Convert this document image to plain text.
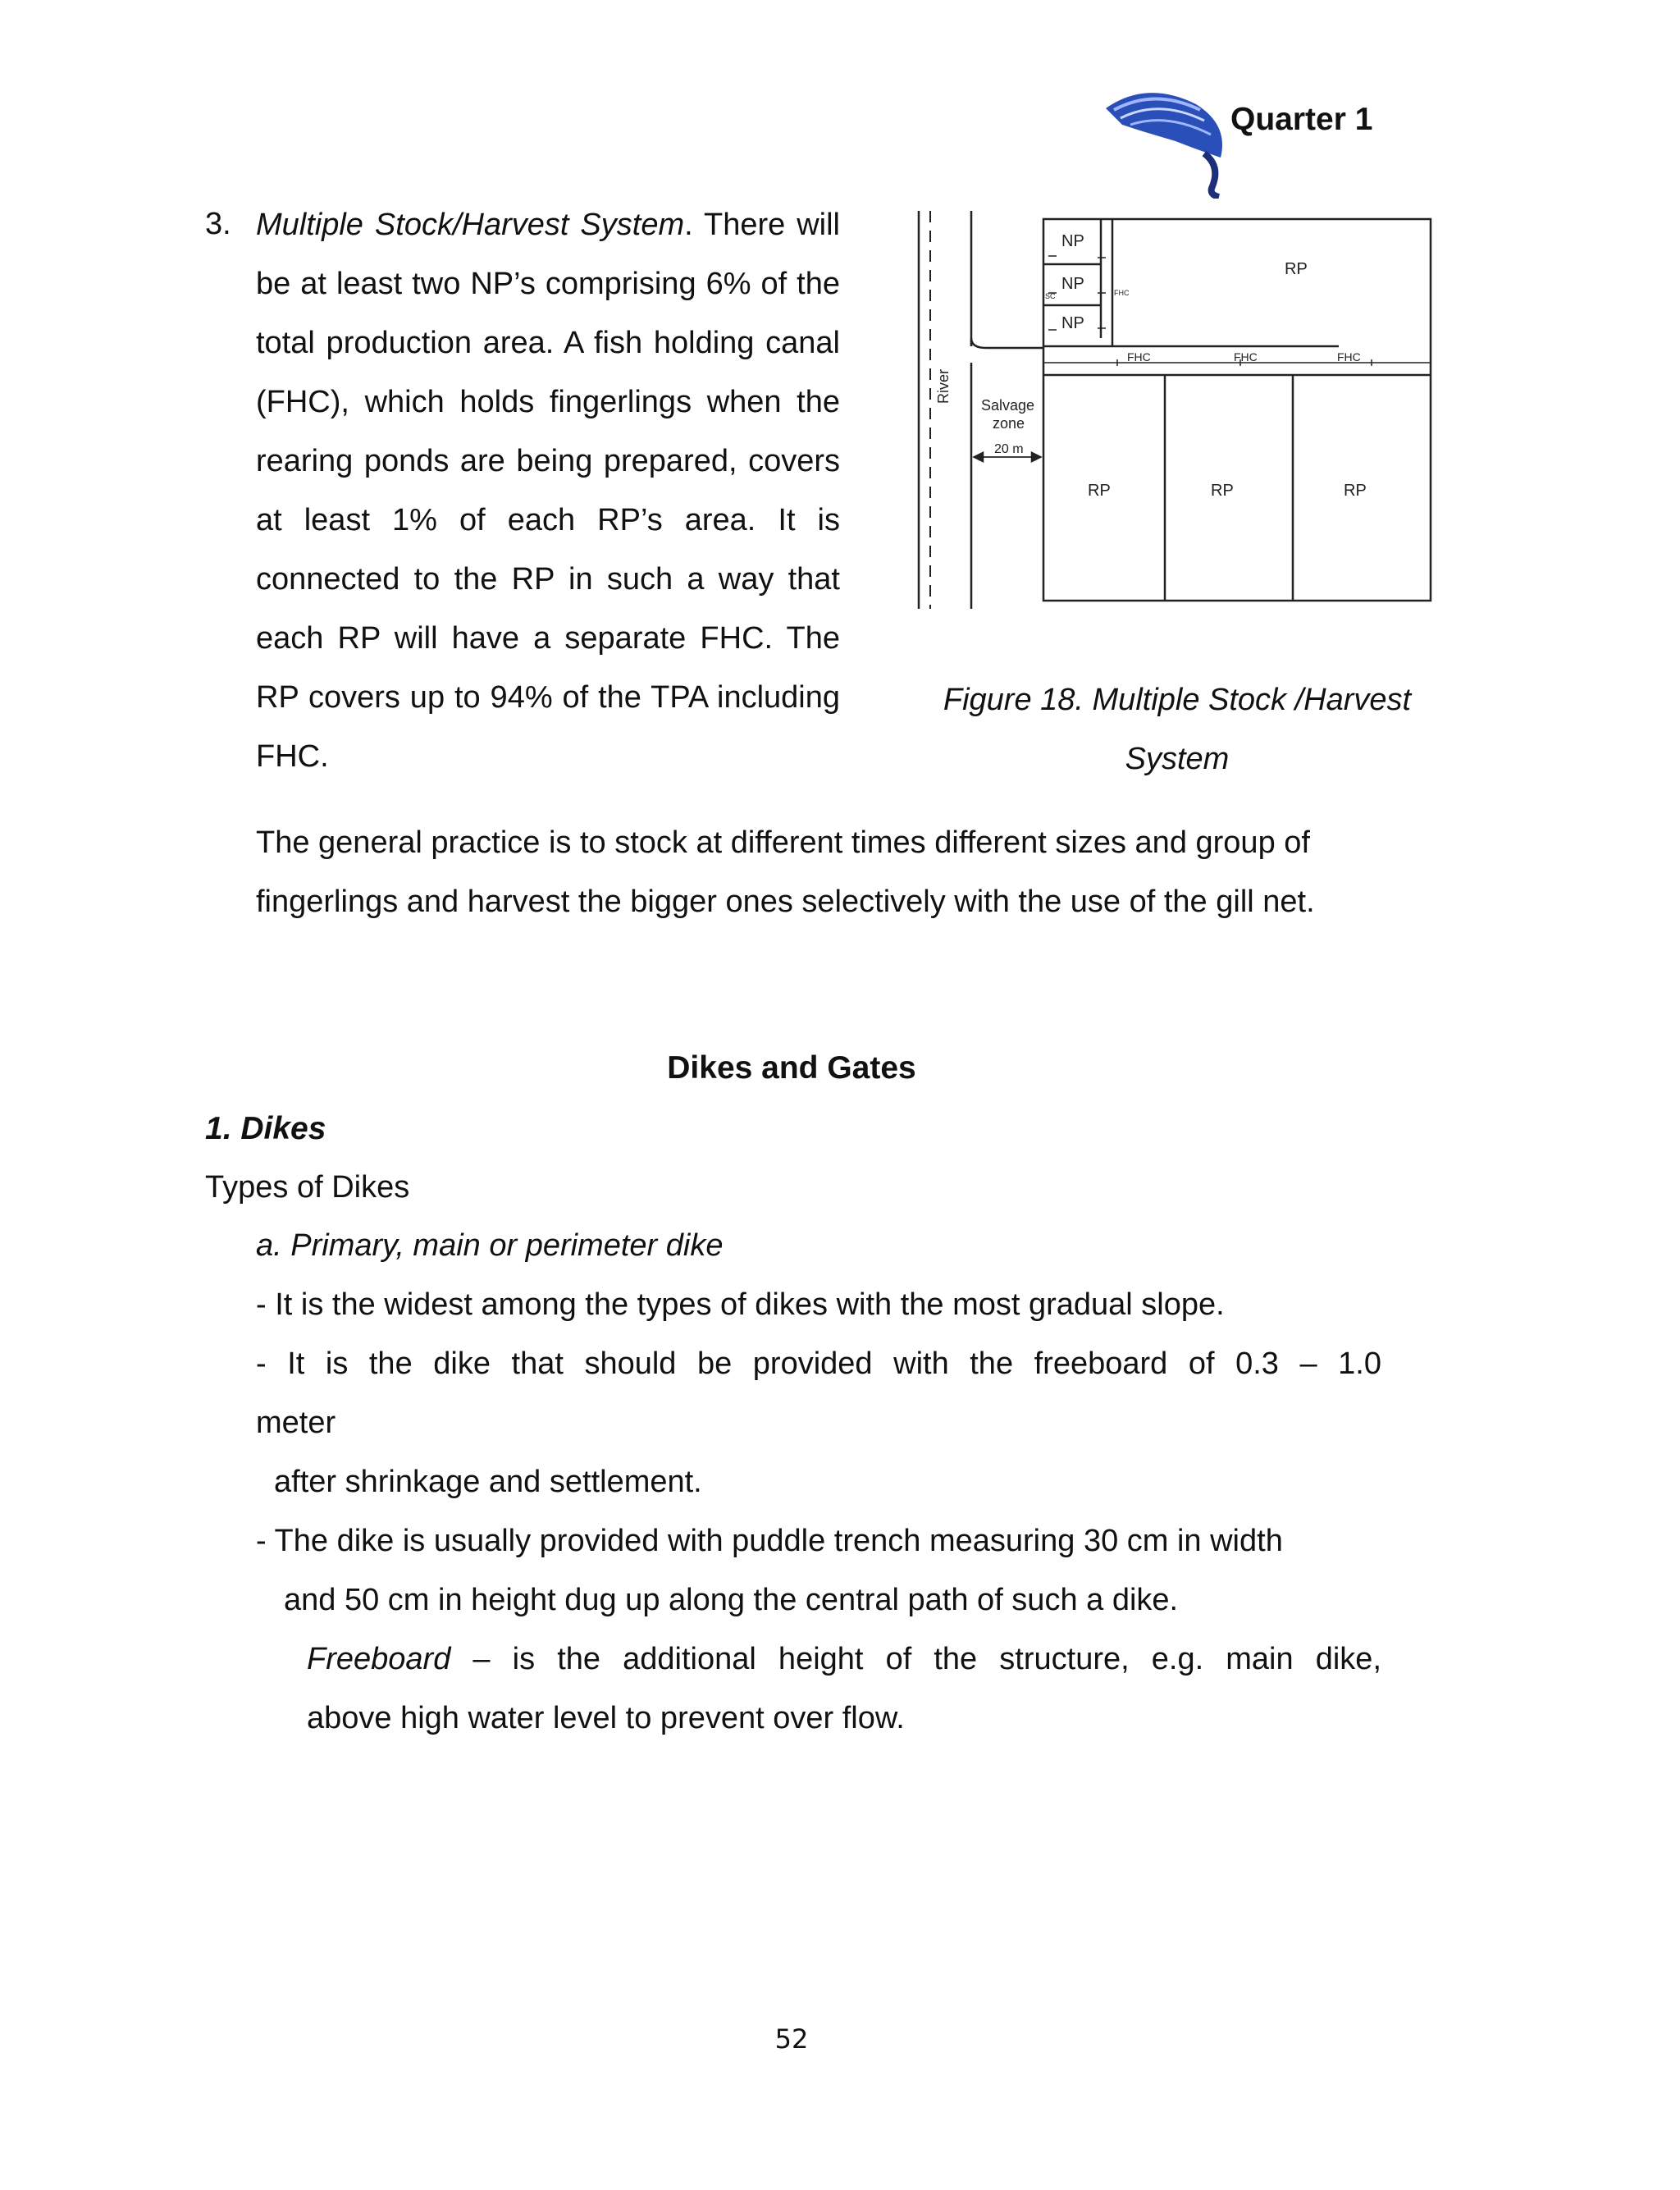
Quarter 1
3. Multiple Stock/Harvest System. There will be at least two NP’s comprising 6% of the total production area. A fish holding canal (FHC), which holds fingerlings when the rearing ponds are being prepared, covers at least 1% of each RP’s area. It is connected to the RP in such a way that each RP will have a separate FHC. The RP covers up to 94% of the TPA including FHC.
River
Salvage
zone
20 m
NP
NP
NP
SC	FHC
RP
FHC	FHC	FHC
RP	RP	RP
Figure 18. Multiple Stock /Harvest
System
The general practice is to stock at different times different sizes and group of fingerlings and harvest the bigger ones selectively with the use of the gill net.
Dikes and Gates
1. Dikes
Types of Dikes
a. Primary, main or perimeter dike
- It is the widest among the types of dikes with the most gradual slope.
- It is the dike that should be provided with the freeboard of 0.3 – 1.0
meter
after shrinkage and settlement.
- The dike is usually provided with puddle trench measuring 30 cm in width
and 50 cm in height dug up along the central path of such a dike.
Freeboard – is the additional height of the structure, e.g. main dike,
above high water level to prevent over flow.
52
